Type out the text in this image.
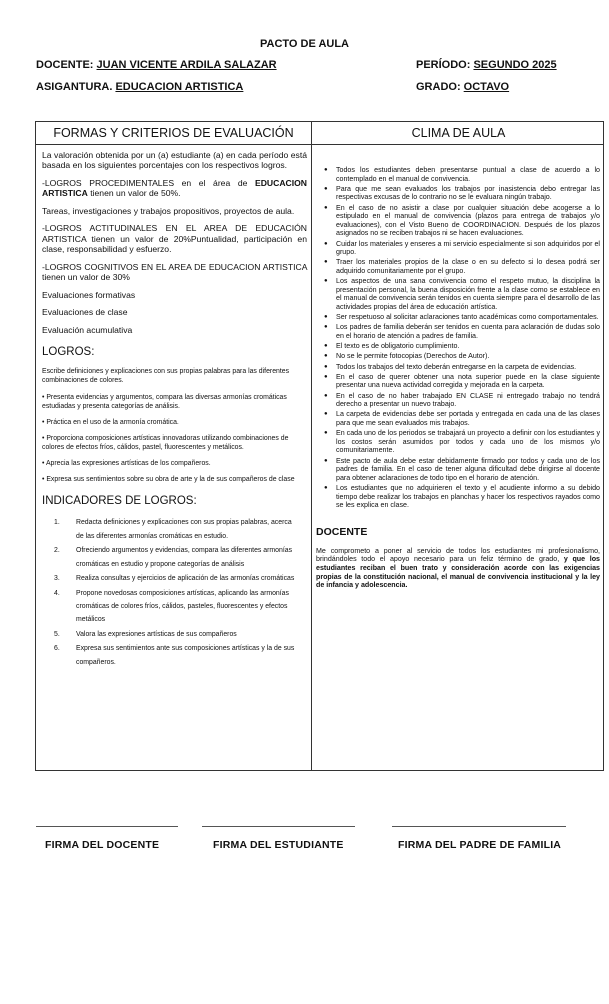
PACTO DE AULA
DOCENTE: JUAN VICENTE ARDILA SALAZAR	PERÍODO: SEGUNDO 2025
ASIGANTURA. EDUCACION ARTISTICA	GRADO: OCTAVO
FORMAS Y CRITERIOS DE EVALUACIÓN	CLIMA DE AULA

La valoración obtenida por un (a) estudiante (a) en cada período está basada en los siguientes porcentajes con los respectivos logros.

-LOGROS PROCEDIMENTALES en el área de EDUCACION ARTISTICA tienen un valor de 50%.

Tareas, investigaciones y trabajos propositivos, proyectos de aula.

-LOGROS ACTITUDINALES EN EL AREA DE EDUCACIÓN ARTISTICA tienen un valor de 20%Puntualidad, participación en clase, responsabilidad y esfuerzo.

-LOGROS COGNITIVOS EN EL AREA DE EDUCACION ARTISTICA tienen un valor de 30%

Evaluaciones formativas

Evaluaciones de clase

Evaluación acumulativa

LOGROS:

Escribe definiciones y explicaciones con sus propias palabras para las diferentes combinaciones de colores.

• Presenta evidencias y argumentos, compara las diversas armonías cromáticas estudiadas y presenta categorías de análisis.

• Práctica en el uso de la armonía cromática.

• Proporciona composiciones artísticas innovadoras utilizando combinaciones de colores de efectos fríos, cálidos, pastel, fluorescentes y metálicos.

• Aprecia las expresiones artísticas de los compañeros.

• Expresa sus sentimientos sobre su obra de arte y la de sus compañeros de clase

INDICADORES DE LOGROS:

1.	Redacta definiciones y explicaciones con sus propias palabras, acerca de las diferentes armonías cromáticas en estudio.
2.	Ofreciendo argumentos y evidencias, compara las diferentes armonías cromáticas en estudio y propone categorías de análisis
3.	Realiza consultas y ejercicios de aplicación de las armonías cromáticas
4.	Propone novedosas composiciones artísticas, aplicando las armonías cromáticas de colores fríos, cálidos, pasteles, fluorescentes y efectos metálicos
5.	Valora las expresiones artísticas de sus compañeros
6.	Expresa sus sentimientos ante sus composiciones artísticas y la de sus compañeros.
●	Todos los estudiantes deben presentarse puntual a clase de acuerdo a lo contemplado en el manual de convivencia.
●	Para que me sean evaluados los trabajos por inasistencia debo entregar las respectivas excusas de lo contrario no se le evaluara ningún trabajo.
●	En el caso de no asistir a clase por cualquier situación debe acogerse a lo estipulado en el manual de convivencia (plazos para entrega de trabajos y/o evaluaciones), con el Visto Bueno de COORDINACION. Después de los plazos asignados no se reciben trabajos ni se hacen evaluaciones.
●	Cuidar los materiales y enseres a mi servicio especialmente si son adquiridos por el grupo.
●	Traer los materiales propios de la clase o en su defecto si lo desea podrá ser adquirido comunitariamente por el grupo.
●	Los aspectos de una sana convivencia como el respeto mutuo, la disciplina la presentación personal, la buena disposición frente a la clase como se establece en el manual de convivencia serán tenidos en cuenta siempre para el desarrollo de las actividades propias del área de educación artística.
●	Ser respetuoso al solicitar aclaraciones tanto académicas como comportamentales.
●	Los padres de familia deberán ser tenidos en cuenta para aclaración de dudas solo en el horario de atención a padres de familia.
●	El texto es de obligatorio cumplimiento.
●	No se le permite fotocopias (Derechos de Autor).
●	Todos los trabajos del texto deberán entregarse en la carpeta de evidencias.
●	En el caso de querer obtener una nota superior puede en la clase siguiente presentar una nueva actividad corregida y mejorada en la carpeta.
●	En el caso de no haber trabajado EN CLASE ni entregado trabajo no tendrá derecho a presentar un nuevo trabajo.
●	La carpeta de evidencias debe ser portada y entregada en cada una de las clases para que me sean evaluados mis trabajos.
●	En cada uno de los periodos se trabajará un proyecto a definir con los estudiantes y los costos serán asumidos por todos y cada uno de los mismos y/o comunitariamente.
●	Este pacto de aula debe estar debidamente firmado por todos y cada uno de los padres de familia. En el caso de tener alguna dificultad debe dirigirse al docente para obtener aclaraciones de todo tipo en el horario de atención.
●	Los estudiantes que no adquirieren el texto y el acudiente informo a su debido tiempo debe realizar los trabajos en planchas y hacer los respectivos rayados como se les explica en clase.
DOCENTE
Me comprometo a poner al servicio de todos los estudiantes mi profesionalismo, brindándoles todo el apoyo necesario para un feliz término de grado, y que los estudiantes reciban el buen trato y consideración acorde con las exigencias propias de la constitución nacional, el manual de convivencia institucional y la ley de infancia y adolescencia.
FIRMA DEL DOCENTE	FIRMA DEL ESTUDIANTE	FIRMA DEL PADRE DE FAMILIA
